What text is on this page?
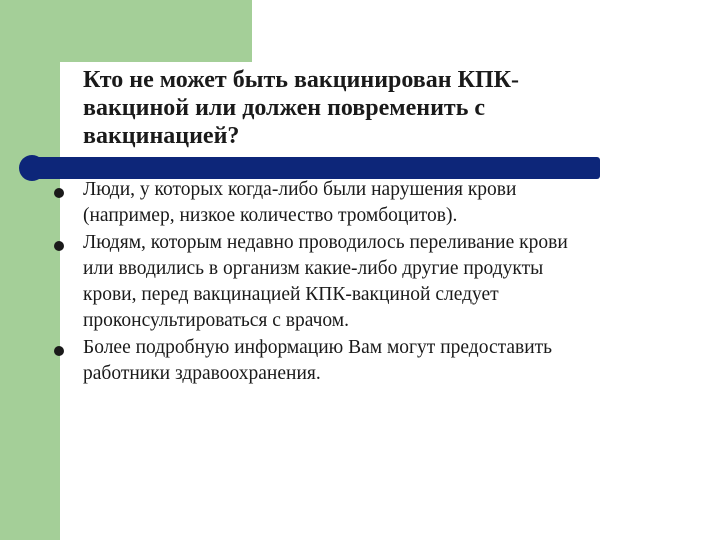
Кто не может быть вакцинирован КПК-
вакциной или должен повременить с
вакцинацией?
Люди, у которых когда-либо были нарушения крови
(например, низкое количество тромбоцитов).
Людям, которым недавно проводилось переливание крови
или вводились в организм какие-либо другие продукты
крови, перед вакцинацией КПК-вакциной следует
проконсультироваться с врачом.
Более подробную информацию Вам могут предоставить
работники здравоохранения.
